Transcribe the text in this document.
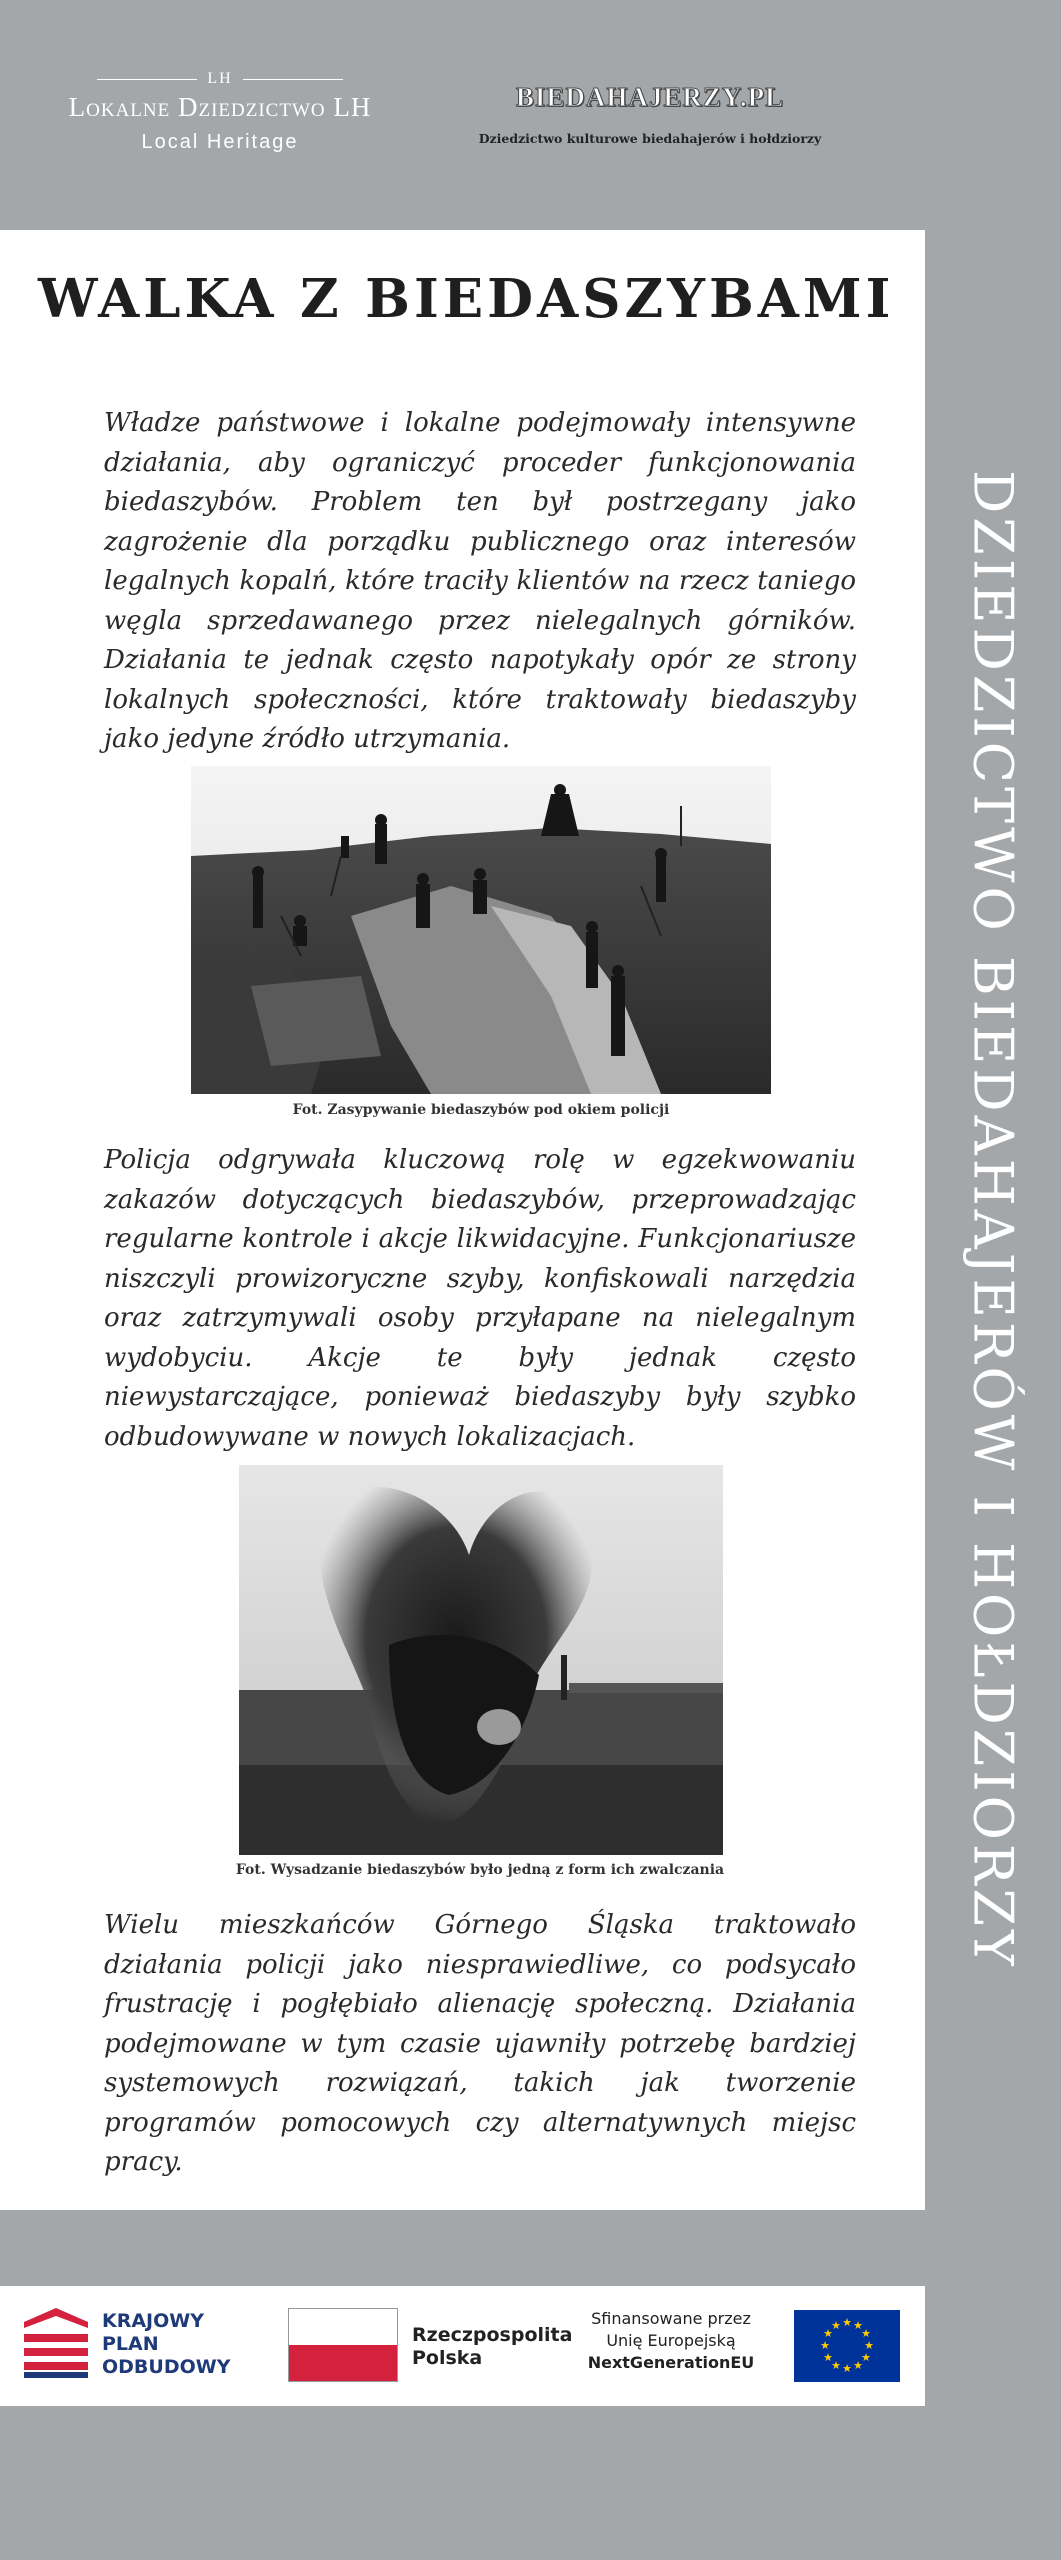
LH
Lokalne Dziedzictwo LH
Local Heritage
BIEDAHAJERZY.PL
Dziedzictwo kulturowe biedahajerów i hołdziorzy
DZIEDZICTWO BIEDAHAJERÓW I HOŁDZIORZY
WALKA Z BIEDASZYBAMI

Władze państwowe i lokalne podejmowały intensywne działania, aby ograniczyć proceder funkcjonowania biedaszybów. Problem ten był postrzegany jako zagrożenie dla porządku publicznego oraz interesów legalnych kopalń, które traciły klientów na rzecz taniego węgla sprzedawanego przez nielegalnych górników. Działania te jednak często napotykały opór ze strony lokalnych społeczności, które traktowały biedaszyby jako jedyne źródło utrzymania.

Fot. Zasypywanie biedaszybów pod okiem policji

Policja odgrywała kluczową rolę w egzekwowaniu zakazów dotyczących biedaszybów, przeprowadzając regularne kontrole i akcje likwidacyjne. Funkcjonariusze niszczyli prowizoryczne szyby, konfiskowali narzędzia oraz zatrzymywali osoby przyłapane na nielegalnym wydobyciu. Akcje te były jednak często niewystarczające, ponieważ biedaszyby były szybko odbudowywane w nowych lokalizacjach.

Fot. Wysadzanie biedaszybów było jedną z form ich zwalczania

Wielu mieszkańców Górnego Śląska traktowało działania policji jako niesprawiedliwe, co podsycało frustrację i pogłębiało alienację społeczną. Działania podejmowane w tym czasie ujawniły potrzebę bardziej systemowych rozwiązań, takich jak tworzenie programów pomocowych czy alternatywnych miejsc pracy.

KRAJOWY
PLAN
ODBUDOWY
Rzeczpospolita
Polska
Sfinansowane przez
Unię Europejską
NextGenerationEU
★ ★
★
★
★
★
★
★
★
★
★
★
